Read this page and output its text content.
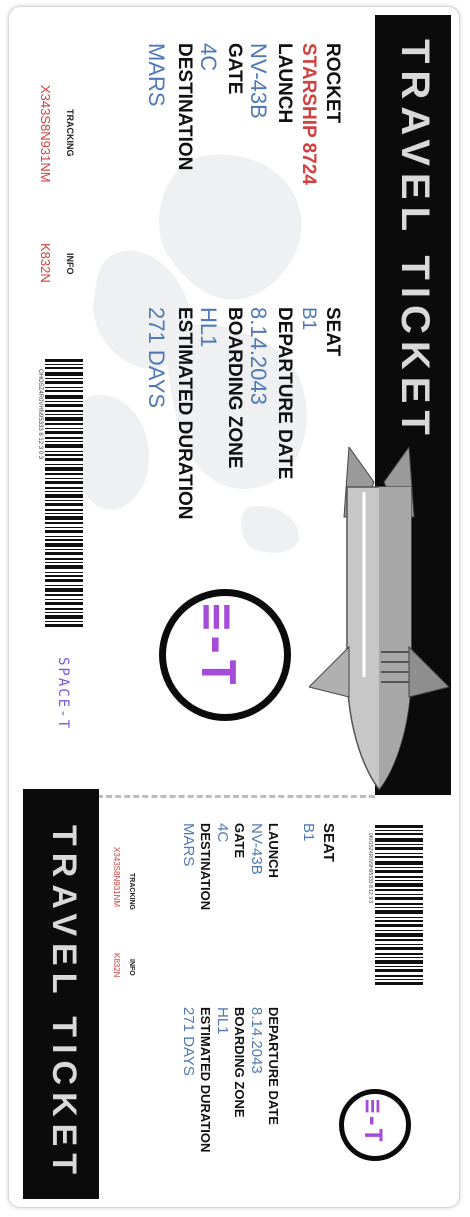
TRAVEL TICKET
ROCKET
STARSHIP 8724
LAUNCH
NV-43B
GATE
4C
DESTINATION
MARS
SEAT
B1
DEPARTURE DATE
8.14.2043
BOARDING ZONE
HL1
ESTIMATED DURATION
271 DAYS
TRACKING
X343S8N931NM
INFO
K832N
OHOSZ4R0VHN95333 8 12 3 0 3
≡-T
SPACE-T
TRAVEL TICKET	0KIOSZ4R0V9H95333 8 12 3 3
SEAT
B1
LAUNCH
NV-43B
GATE
4C
DESTINATION
MARS
DEPARTURE DATE
8.14.2043
BOARDING ZONE
HL1
ESTIMATED DURATION
271 DAYS
TRACKING
X343S8N931NM
INFO
K832N
≡-T
